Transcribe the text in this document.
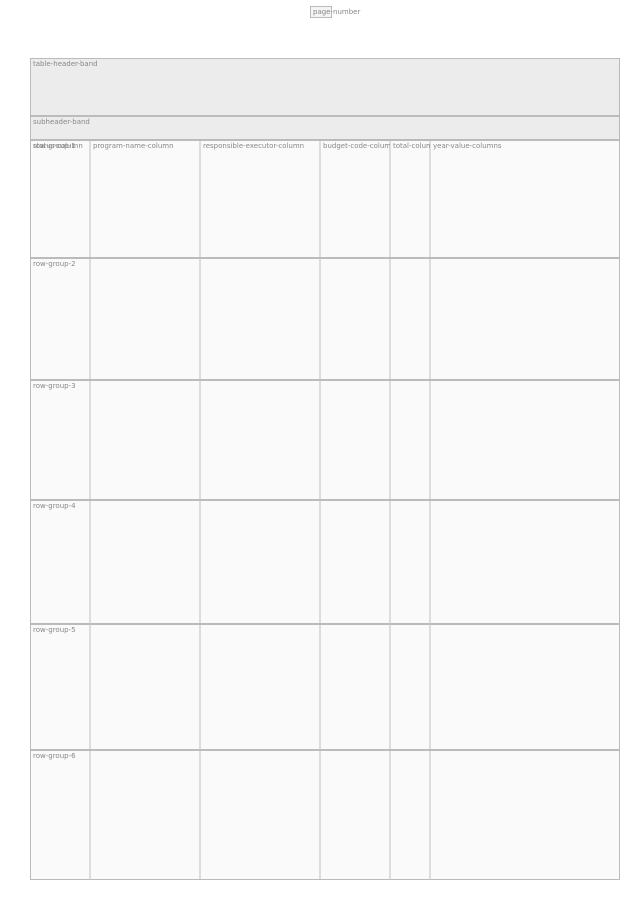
page-number
table-header-band
subheader-band
status-column
program-name-column
responsible-executor-column
budget-code-columns
total-column
year-value-columns
row-group-1
row-group-2
row-group-3
row-group-4
row-group-5
row-group-6
